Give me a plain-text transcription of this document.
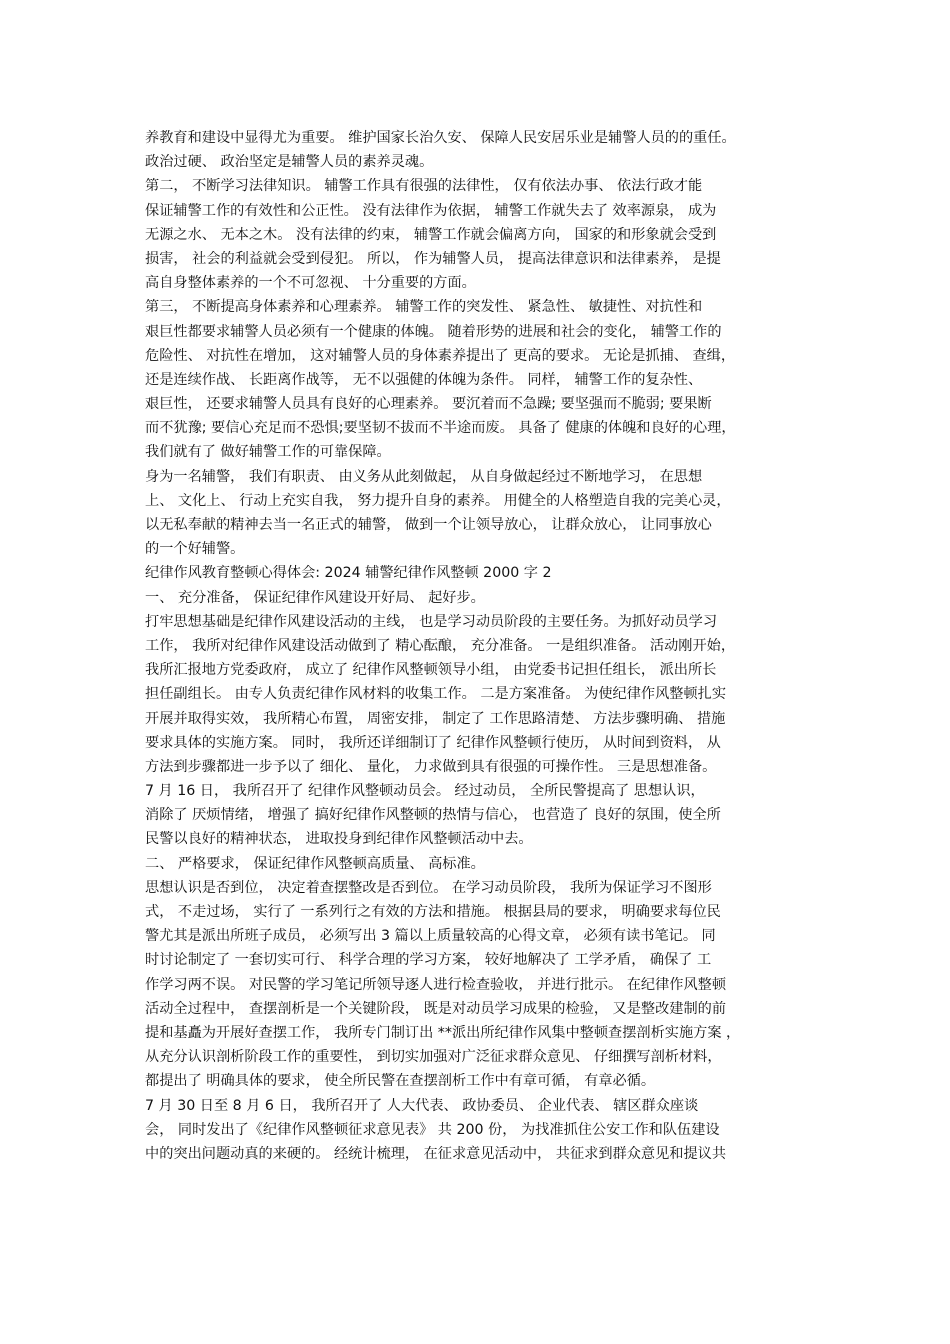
养教育和建设中显得尤为重要。 维护国家长治久安、 保障人民安居乐业是辅警人员的的重任。
政治过硬、 政治坚定是辅警人员的素养灵魂。
第二， 不断学习法律知识。 辅警工作具有很强的法律性， 仅有依法办事、 依法行政才能
保证辅警工作的有效性和公正性。 没有法律作为依据， 辅警工作就失去了 效率源泉， 成为
无源之水、 无本之木。 没有法律的约束， 辅警工作就会偏离方向， 国家的和形象就会受到
损害， 社会的利益就会受到侵犯。 所以， 作为辅警人员， 提高法律意识和法律素养， 是提
高自身整体素养的一个不可忽视、 十分重要的方面。
第三， 不断提高身体素养和心理素养。 辅警工作的突发性、 紧急性、 敏捷性、对抗性和
艰巨性都要求辅警人员必须有一个健康的体魄。 随着形势的进展和社会的变化， 辅警工作的
危险性、 对抗性在增加， 这对辅警人员的身体素养提出了 更高的要求。 无论是抓捕、 查缉，
还是连续作战、 长距离作战等， 无不以强健的体魄为条件。 同样， 辅警工作的复杂性、
艰巨性， 还要求辅警人员具有良好的心理素养。 要沉着而不急躁; 要坚强而不脆弱; 要果断
而不犹豫; 要信心充足而不恐惧;要坚韧不拔而不半途而废。 具备了 健康的体魄和良好的心理，
我们就有了 做好辅警工作的可靠保障。
身为一名辅警， 我们有职责、 由义务从此刻做起， 从自身做起经过不断地学习， 在思想
上、 文化上、 行动上充实自我， 努力提升自身的素养。 用健全的人格塑造自我的完美心灵，
以无私奉献的精神去当一名正式的辅警， 做到一个让领导放心， 让群众放心， 让同事放心
的一个好辅警。
纪律作风教育整顿心得体会: 2024 辅警纪律作风整顿 2000 字 2
一、 充分准备， 保证纪律作风建设开好局、 起好步。
打牢思想基础是纪律作风建设活动的主线， 也是学习动员阶段的主要任务。为抓好动员学习
工作， 我所对纪律作风建设活动做到了 精心酝酿， 充分准备。 一是组织准备。 活动刚开始，
我所汇报地方党委政府， 成立了 纪律作风整顿领导小组， 由党委书记担任组长， 派出所长
担任副组长。 由专人负责纪律作风材料的收集工作。 二是方案准备。 为使纪律作风整顿扎实
开展并取得实效， 我所精心布置， 周密安排， 制定了 工作思路清楚、 方法步骤明确、 措施
要求具体的实施方案。 同时， 我所还详细制订了 纪律作风整顿行使历， 从时间到资料， 从
方法到步骤都进一步予以了 细化、 量化， 力求做到具有很强的可操作性。 三是思想准备。
7 月 16 日， 我所召开了 纪律作风整顿动员会。 经过动员， 全所民警提高了 思想认识，
消除了 厌烦情绪， 增强了 搞好纪律作风整顿的热情与信心， 也营造了 良好的氛围，使全所
民警以良好的精神状态， 进取投身到纪律作风整顿活动中去。
二、 严格要求， 保证纪律作风整顿高质量、 高标准。
思想认识是否到位， 决定着查摆整改是否到位。 在学习动员阶段， 我所为保证学习不图形
式， 不走过场， 实行了 一系列行之有效的方法和措施。 根据县局的要求， 明确要求每位民
警尤其是派出所班子成员， 必须写出 3 篇以上质量较高的心得文章， 必须有读书笔记。 同
时讨论制定了 一套切实可行、 科学合理的学习方案， 较好地解决了 工学矛盾， 确保了 工
作学习两不误。 对民警的学习笔记所领导逐人进行检查验收， 并进行批示。 在纪律作风整顿
活动全过程中， 查摆剖析是一个关键阶段， 既是对动员学习成果的检验， 又是整改建制的前
提和基矗为开展好查摆工作， 我所专门制订出 **派出所纪律作风集中整顿查摆剖析实施方案 ，
从充分认识剖析阶段工作的重要性， 到切实加强对广泛征求群众意见、 仔细撰写剖析材料，
都提出了 明确具体的要求， 使全所民警在查摆剖析工作中有章可循， 有章必循。
7 月 30 日至 8 月 6 日， 我所召开了 人大代表、 政协委员、 企业代表、 辖区群众座谈
会， 同时发出了《纪律作风整顿征求意见表》 共 200 份， 为找准抓住公安工作和队伍建设
中的突出问题动真的来硬的。 经统计梳理， 在征求意见活动中， 共征求到群众意见和提议共
